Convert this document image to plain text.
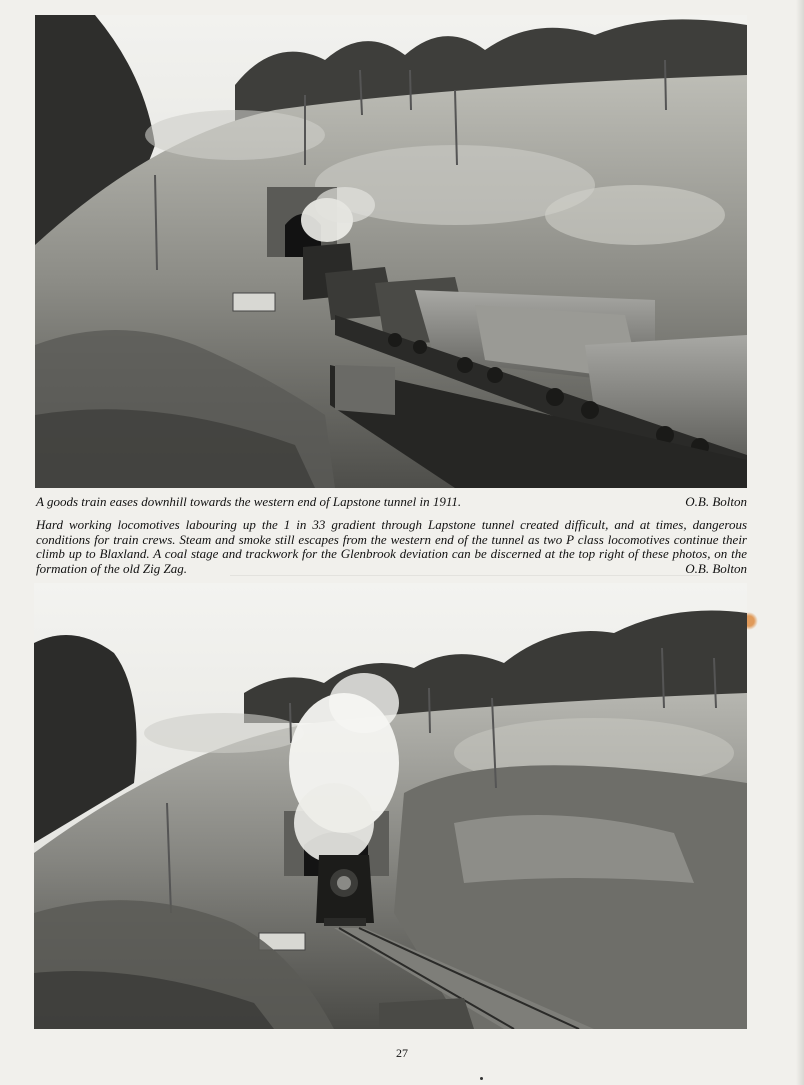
A goods train eases downhill towards the western end of Lapstone tunnel in 1911.	O.B. Bolton
Hard working locomotives labouring up the 1 in 33 gradient through Lapstone tunnel created difficult, and at times, dangerous conditions for train crews. Steam and smoke still escapes from the western end of the tunnel as two P class locomotives continue their climb up to Blaxland. A coal stage and trackwork for the Glenbrook deviation can be discerned at the top right of these photos, on the formation of the old Zig Zag.	O.B. Bolton
27
